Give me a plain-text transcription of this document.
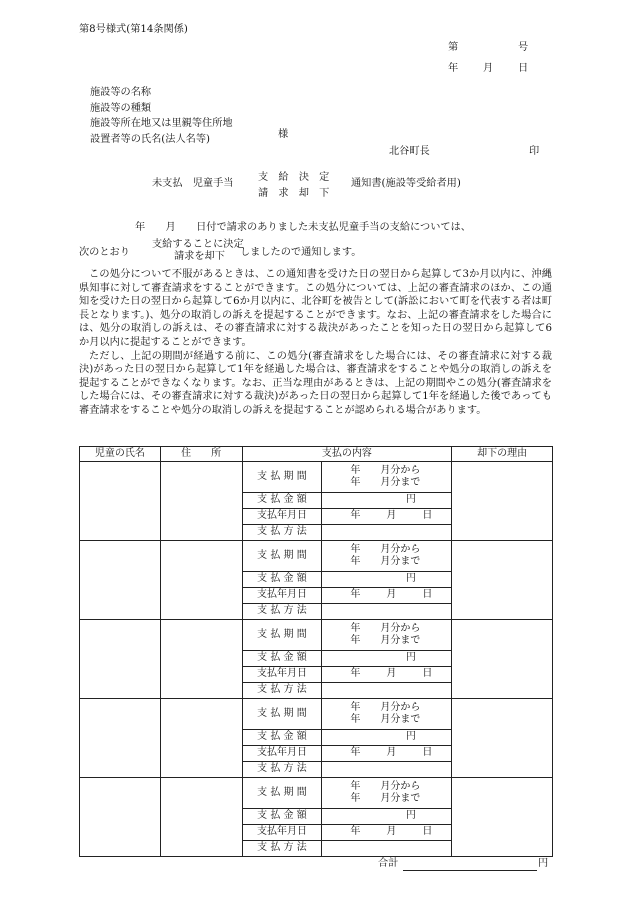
第8号様式(第14条関係)
第	号
年 月 日
施設等の名称
施設等の種類
施設等所在地又は里親等住所地
設置者等の氏名(法人名等)	様
北谷町長	印
未支払　児童手当
支　給　決　定
請　求　却　下
通知書(施設等受給者用)
年　　月　　日付で請求のありました未支払児童手当の支給については、
次のとおり
支給することに決定
請求を却下	しましたので通知します。

この処分について不服があるときは、この通知書を受けた日の翌日から起算して3か月以内に、沖縄県知事に対して審査請求をすることができます。この処分については、上記の審査請求のほか、この通知を受けた日の翌日から起算して6か月以内に、北谷町を被告として(訴訟において町を代表する者は町長となります。)、処分の取消しの訴えを提起することができます。なお、上記の審査請求をした場合には、処分の取消しの訴えは、その審査請求に対する裁決があったことを知った日の翌日から起算して6か月以内に提起することができます。

ただし、上記の期間が経過する前に、この処分(審査請求をした場合には、その審査請求に対する裁決)があった日の翌日から起算して1年を経過した場合は、審査請求をすることや処分の取消しの訴えを提起することができなくなります。なお、正当な理由があるときは、上記の期間やこの処分(審査請求をした場合には、その審査請求に対する裁決)があった日の翌日から起算して1年を経過した後であっても審査請求をすることや処分の取消しの訴えを提起することが認められる場合があります。

児童の氏名	住　　所	支払の内容		却下の理由
		支 払 期 間	年　　月分から
年　　月分まで	

		支 払 金 額	円	

		支払年月日	年 月 日	

		支 払 方 法		
		支 払 期 間	年　　月分から
年　　月分まで	

		支 払 金 額	円	

		支払年月日	年 月 日	

		支 払 方 法		
		支 払 期 間	年　　月分から
年　　月分まで	

		支 払 金 額	円	

		支払年月日	年 月 日	

		支 払 方 法		
		支 払 期 間	年　　月分から
年　　月分まで	

		支 払 金 額	円	

		支払年月日	年 月 日	

		支 払 方 法		
		支 払 期 間	年　　月分から
年　　月分まで	

		支 払 金 額	円	

		支払年月日	年 月 日	

		支 払 方 法		
合計	円
